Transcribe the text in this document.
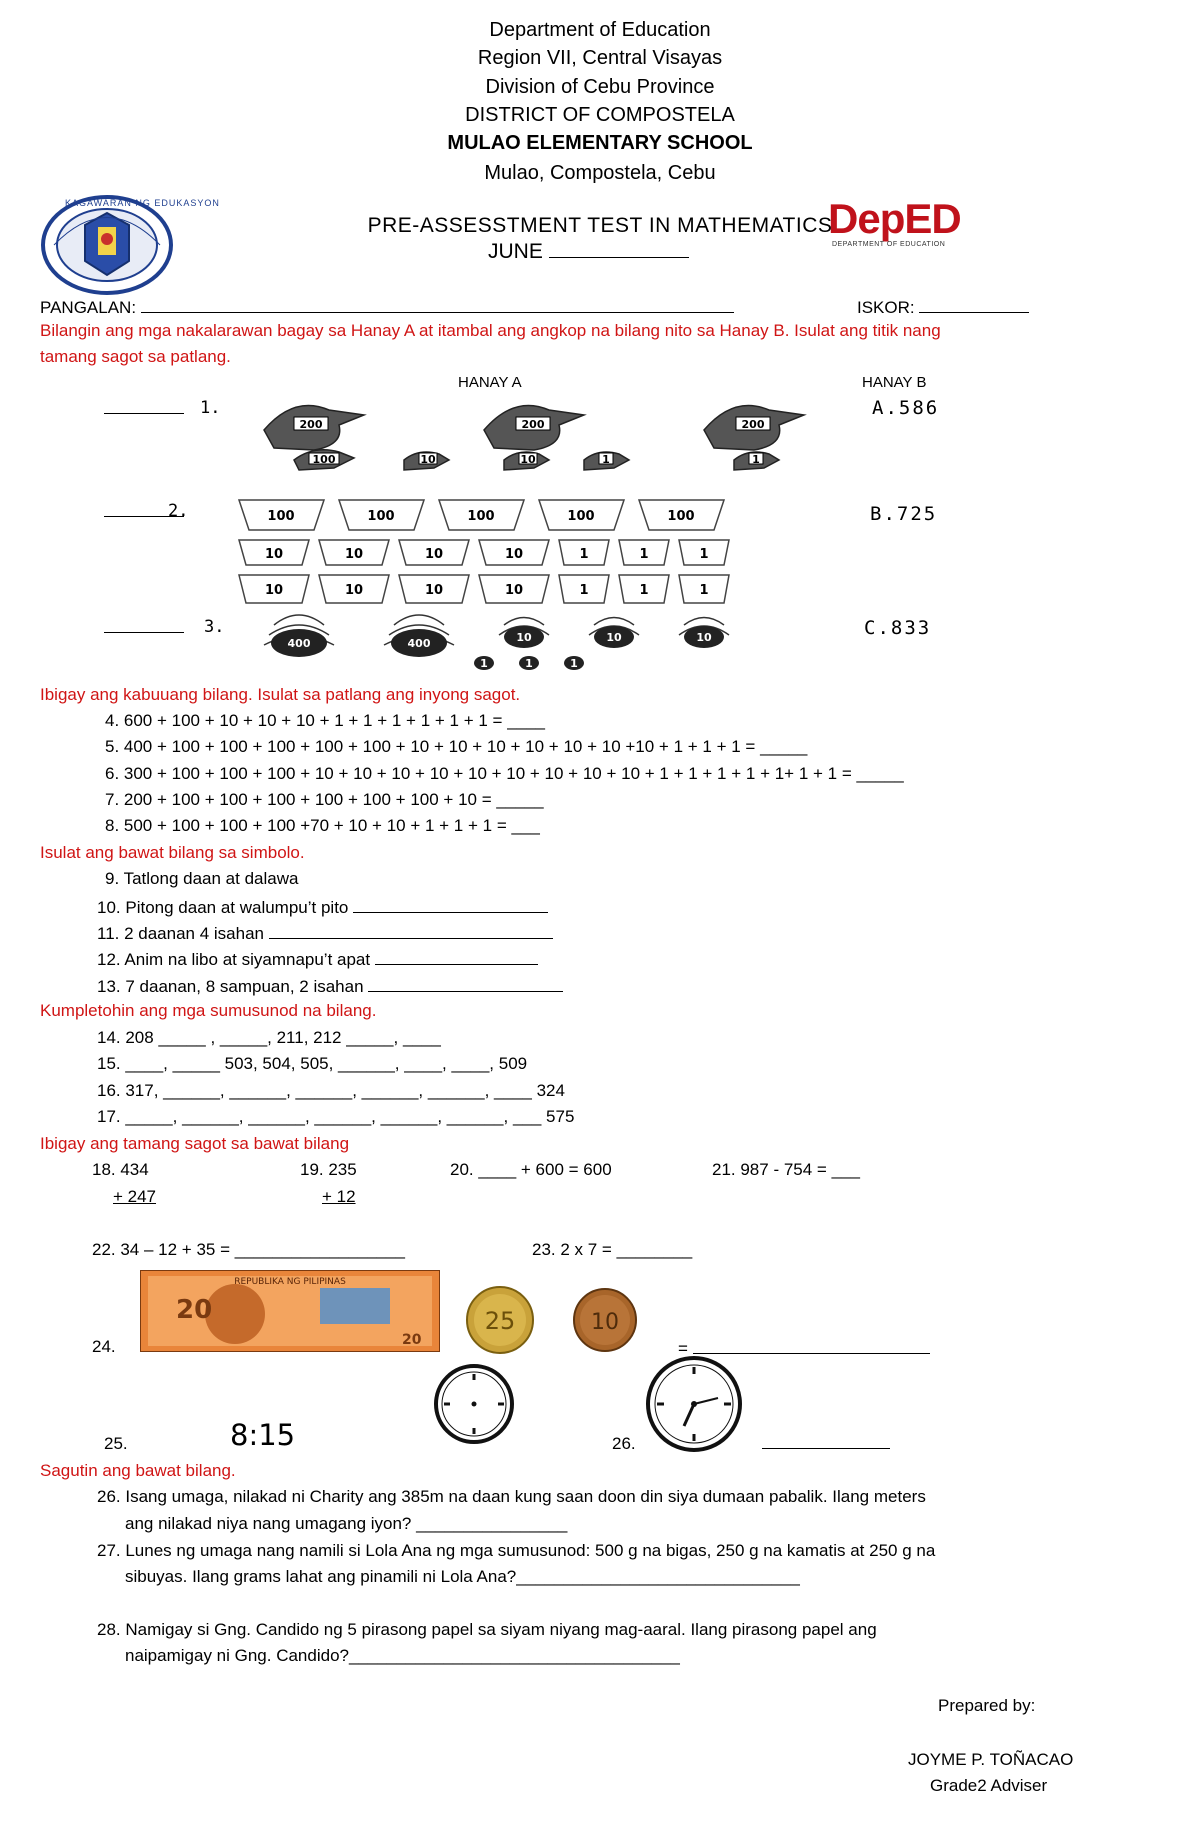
Department of Education
Region VII, Central Visayas
Division of Cebu Province
DISTRICT OF COMPOSTELA
MULAO ELEMENTARY SCHOOL
Mulao, Compostela, Cebu
KAGAWARAN NG EDUKASYON	DepED
DEPARTMENT OF EDUCATION
PRE-ASSESSTMENT TEST IN MATHEMATICS
JUNE
PANGALAN:	ISKOR:
Bilangin ang mga nakalarawan bagay sa Hanay A at itambal ang angkop na bilang nito sa Hanay B. Isulat ang titik nang
tamang sagot sa patlang.
HANAY A	HANAY B
1.
2.
3.
200	200	200
100	10	10	1	1
100	100	100	100	100
10	10	10	10	1	1	1
10	10	10	10	1	1	1
400	400	10	10	10
1	1	1
A.586
B.725
C.833
Ibigay ang kabuuang bilang. Isulat sa patlang ang inyong sagot.
4. 600 + 100 + 10 + 10 + 10 + 1 + 1 + 1 + 1 + 1 + 1 = ____
5. 400 + 100 + 100 + 100 + 100 + 100 + 10 + 10 + 10 + 10 + 10 + 10 +10 + 1 + 1 + 1 = _____
6. 300 + 100 + 100 + 100 + 10 + 10 + 10 + 10 + 10 + 10 + 10 + 10 + 10 + 1 + 1 + 1 + 1 + 1+ 1 + 1 = _____
7. 200 + 100 + 100 + 100 + 100 + 100 + 100 + 10 = _____
8. 500 + 100 + 100 + 100 +70 + 10 + 10 + 1 + 1 + 1 = ___
Isulat ang bawat bilang sa simbolo.
9. Tatlong daan at dalawa
10. Pitong daan at walumpu’t pito
11. 2 daanan 4 isahan
12. Anim na libo at siyamnapu’t apat
13. 7 daanan, 8 sampuan, 2 isahan
Kumpletohin ang mga sumusunod na bilang.
14. 208 _____ , _____, 211, 212 _____, ____
15. ____, _____ 503, 504, 505, ______, ____, ____, 509
16. 317, ______, ______, ______, ______, ______, ____ 324
17. _____, ______, ______, ______, ______, ______, ___ 575
Ibigay ang tamang sagot sa bawat bilang
18. 434
+ 247
19. 235
+ 12
20. ____ + 600 = 600	21. 987 - 754 = ___
22. 34 – 12 + 35 = __________________	23. 2 x 7 = ________
24.
REPUBLIKA NG PILIPINAS
20
20
25	10
=
25.	8:15	26.
Sagutin ang bawat bilang.
26. Isang umaga, nilakad ni Charity ang 385m na daan kung saan doon din siya dumaan pabalik. Ilang meters
ang nilakad niya nang umagang iyon? ________________
27. Lunes ng umaga nang namili si Lola Ana ng mga sumusunod: 500 g na bigas, 250 g na kamatis at 250 g na
sibuyas. Ilang grams lahat ang pinamili ni Lola Ana?______________________________
28. Namigay si Gng. Candido ng 5 pirasong papel sa siyam niyang mag-aaral. Ilang pirasong papel ang
naipamigay ni Gng. Candido?___________________________________
Prepared by:
JOYME P. TOÑACAO
Grade2 Adviser
